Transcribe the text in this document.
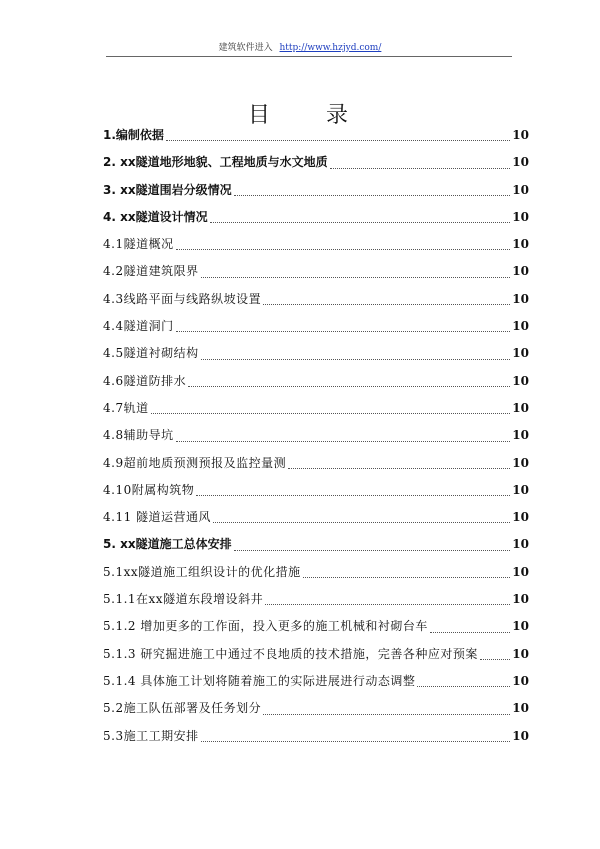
建筑软件进入 http://www.hzjyd.com/
目 录
1.编制依据	10
2. xx隧道地形地貌、工程地质与水文地质	10
3. xx隧道围岩分级情况	10
4. xx隧道设计情况	10
4.1隧道概况	10
4.2隧道建筑限界	10
4.3线路平面与线路纵坡设置	10
4.4隧道洞门	10
4.5隧道衬砌结构	10
4.6隧道防排水	10
4.7轨道	10
4.8辅助导坑	10
4.9超前地质预测预报及监控量测	10
4.10附属构筑物	10
4.11 隧道运营通风	10
5. xx隧道施工总体安排	10
5.1xx隧道施工组织设计的优化措施	10
5.1.1在xx隧道东段增设斜井	10
5.1.2 增加更多的工作面，投入更多的施工机械和衬砌台车	10
5.1.3 研究掘进施工中通过不良地质的技术措施，完善各种应对预案	10
5.1.4 具体施工计划将随着施工的实际进展进行动态调整	10
5.2施工队伍部署及任务划分	10
5.3施工工期安排	10
